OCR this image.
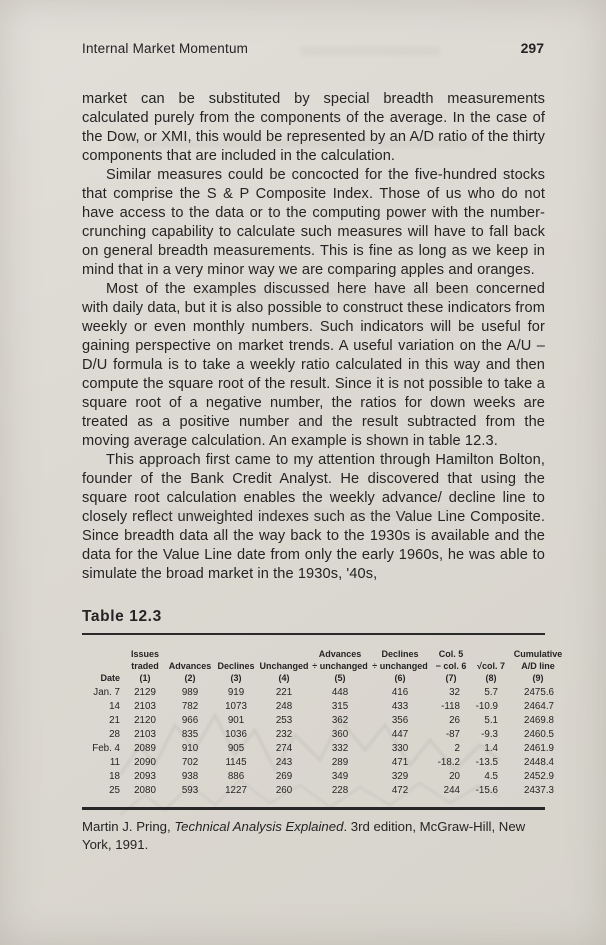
Internal Market Momentum	297

market can be substituted by special breadth measurements calculated purely from the components of the average. In the case of the Dow, or XMI, this would be represented by an A/D ratio of the thirty components that are included in the calculation.

Similar measures could be concocted for the five-hundred stocks that comprise the S & P Composite Index. Those of us who do not have access to the data or to the computing power with the number-crunching capability to calculate such measures will have to fall back on general breadth measurements. This is fine as long as we keep in mind that in a very minor way we are comparing apples and oranges.

Most of the examples discussed here have all been concerned with daily data, but it is also possible to construct these indicators from weekly or even monthly numbers. Such indicators will be useful for gaining perspective on market trends. A useful variation on the A/U – D/U formula is to take a weekly ratio calculated in this way and then compute the square root of the result. Since it is not possible to take a square root of a negative number, the ratios for down weeks are treated as a positive number and the result subtracted from the moving average calculation. An example is shown in table 12.3.

This approach first came to my attention through Hamilton Bolton, founder of the Bank Credit Analyst. He discovered that using the square root calculation enables the weekly advance/ decline line to closely reflect unweighted indexes such as the Value Line Composite. Since breadth data all the way back to the 1930s is available and the data for the Value Line date from only the early 1960s, he was able to simulate the broad market in the 1930s, '40s,

Table 12.3
	Issues				Advances	Declines	Col. 5		Cumulative
	traded	Advances	Declines	Unchanged	÷ unchanged	÷ unchanged	− col. 6	√col. 7	A/D line
Date	(1)	(2)	(3)	(4)	(5)	(6)	(7)	(8)	(9)
Jan. 7	2129	989	919	221	448	416	32	5.7	2475.6
14	2103	782	1073	248	315	433	-118	-10.9	2464.7
21	2120	966	901	253	362	356	26	5.1	2469.8
28	2103	835	1036	232	360	447	-87	-9.3	2460.5
Feb. 4	2089	910	905	274	332	330	2	1.4	2461.9
11	2090	702	1145	243	289	471	-18.2	-13.5	2448.4
18	2093	938	886	269	349	329	20	4.5	2452.9
25	2080	593	1227	260	228	472	244	-15.6	2437.3

Martin J. Pring, Technical Analysis Explained. 3rd edition, McGraw-Hill, New York, 1991.
